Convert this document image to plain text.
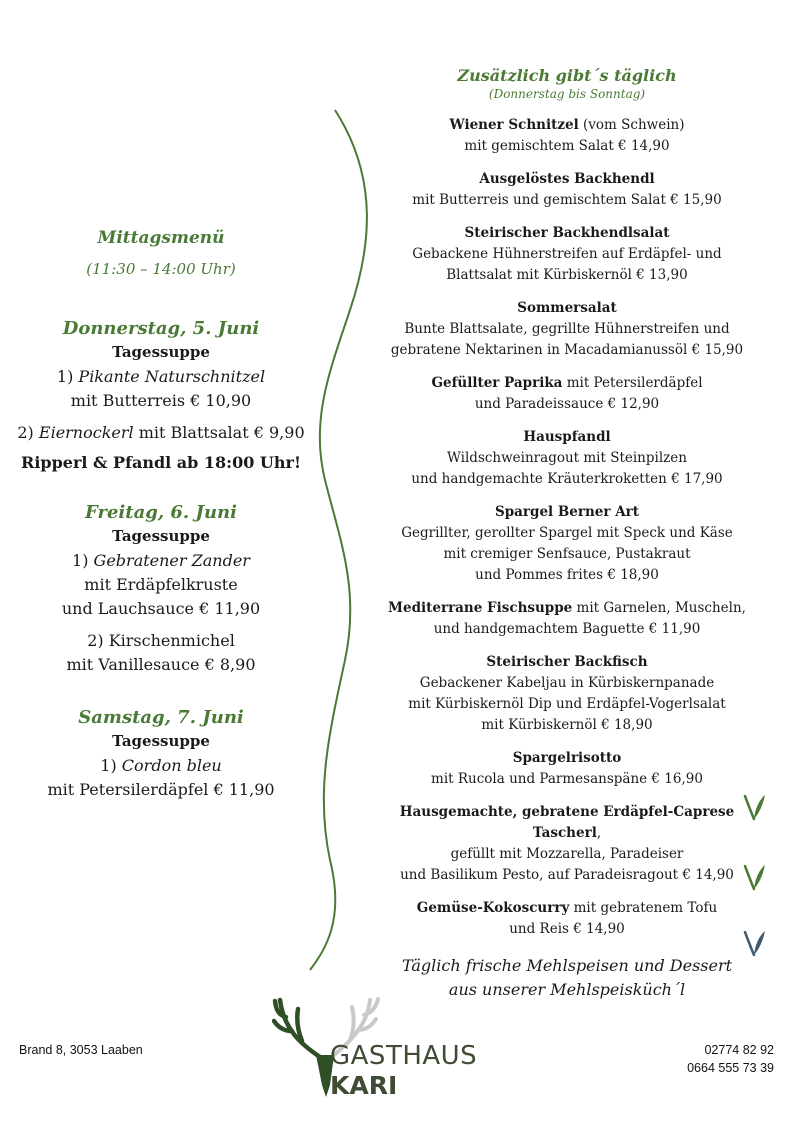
Mittagsmenü
(11:30 – 14:00 Uhr)
Donnerstag, 5. Juni
Tagessuppe
1) Pikante Naturschnitzel
mit Butterreis € 10,90
2) Eiernockerl mit Blattsalat € 9,90
Ripperl & Pfandl ab 18:00 Uhr!
Freitag, 6. Juni
Tagessuppe
1) Gebratener Zander
mit Erdäpfelkruste
und Lauchsauce € 11,90
2) Kirschenmichel
mit Vanillesauce € 8,90
Samstag, 7. Juni
Tagessuppe
1) Cordon bleu
mit Petersilerdäpfel € 11,90
Zusätzlich gibt´s täglich
(Donnerstag bis Sonntag)
Wiener Schnitzel (vom Schwein)
mit gemischtem Salat € 14,90
Ausgelöstes Backhendl
mit Butterreis und gemischtem Salat € 15,90
Steirischer Backhendlsalat
Gebackene Hühnerstreifen auf Erdäpfel- und
Blattsalat mit Kürbiskernöl € 13,90
Sommersalat
Bunte Blattsalate, gegrillte Hühnerstreifen und
gebratene Nektarinen in Macadamianussöl € 15,90
Gefüllter Paprika mit Petersilerdäpfel
und Paradeissauce € 12,90
Hauspfandl
Wildschweinragout mit Steinpilzen
und handgemachte Kräuterkroketten € 17,90
Spargel Berner Art
Gegrillter, gerollter Spargel mit Speck und Käse
mit cremiger Senfsauce, Pustakraut
und Pommes frites € 18,90
Mediterrane Fischsuppe mit Garnelen, Muscheln,
und handgemachtem Baguette € 11,90
Steirischer Backfisch
Gebackener Kabeljau in Kürbiskernpanade
mit Kürbiskernöl Dip und Erdäpfel-Vogerlsalat
mit Kürbiskernöl € 18,90
Spargelrisotto
mit Rucola und Parmesanspäne € 16,90
Hausgemachte, gebratene Erdäpfel-Caprese Tascherl,
gefüllt mit Mozzarella, Paradeiser
und Basilikum Pesto, auf Paradeisragout € 14,90
Gemüse-Kokoscurry mit gebratenem Tofu
und Reis € 14,90
Täglich frische Mehlspeisen und Dessert
aus unserer Mehlspeisküch´l
Brand 8, 3053 Laaben	02774 82 92
0664 555 73 39
GASTHAUS
KARI
